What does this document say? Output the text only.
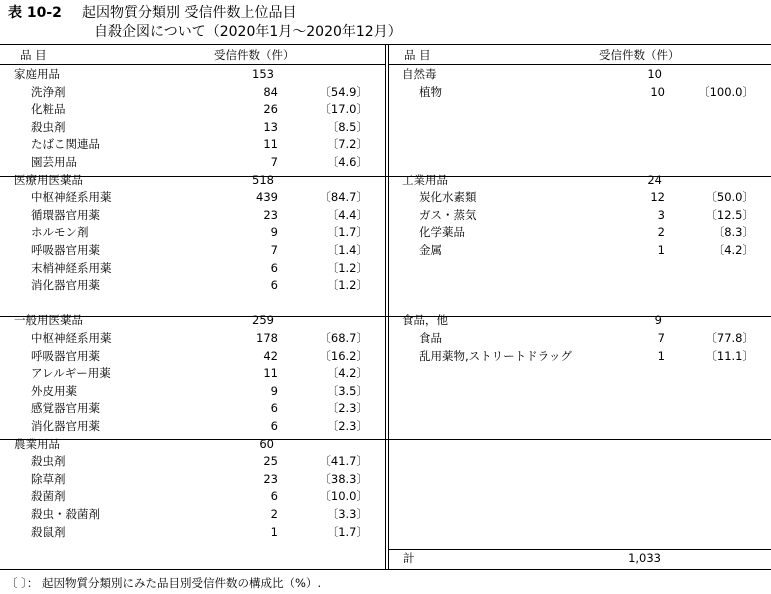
表 10-2 起因物質分類別 受信件数上位品目
自殺企図について（2020年1月～2020年12月）
品 目	受信件数（件）	品 目	受信件数（件）
家庭用品	153
洗浄剤	84	〔54.9〕
化粧品	26	〔17.0〕
殺虫剤	13	〔8.5〕
たばこ関連品	11	〔7.2〕
園芸用品	7	〔4.6〕
医療用医薬品	518
中枢神経系用薬	439	〔84.7〕
循環器官用薬	23	〔4.4〕
ホルモン剤	9	〔1.7〕
呼吸器官用薬	7	〔1.4〕
末梢神経系用薬	6	〔1.2〕
消化器官用薬	6	〔1.2〕
一般用医薬品	259
中枢神経系用薬	178	〔68.7〕
呼吸器官用薬	42	〔16.2〕
アレルギー用薬	11	〔4.2〕
外皮用薬	9	〔3.5〕
感覚器官用薬	6	〔2.3〕
消化器官用薬	6	〔2.3〕
農業用品	60
殺虫剤	25	〔41.7〕
除草剤	23	〔38.3〕
殺菌剤	6	〔10.0〕
殺虫・殺菌剤	2	〔3.3〕
殺鼠剤	1	〔1.7〕
自然毒	10
植物	10	〔100.0〕
工業用品	24
炭化水素類	12	〔50.0〕
ガス・蒸気	3	〔12.5〕
化学薬品	2	〔8.3〕
金属	1	〔4.2〕
食品，他	9
食品	7	〔77.8〕
乱用薬物,ストリートドラッグ	1	〔11.1〕
計	1,033
〔 〕： 起因物質分類別にみた品目別受信件数の構成比（%）.
